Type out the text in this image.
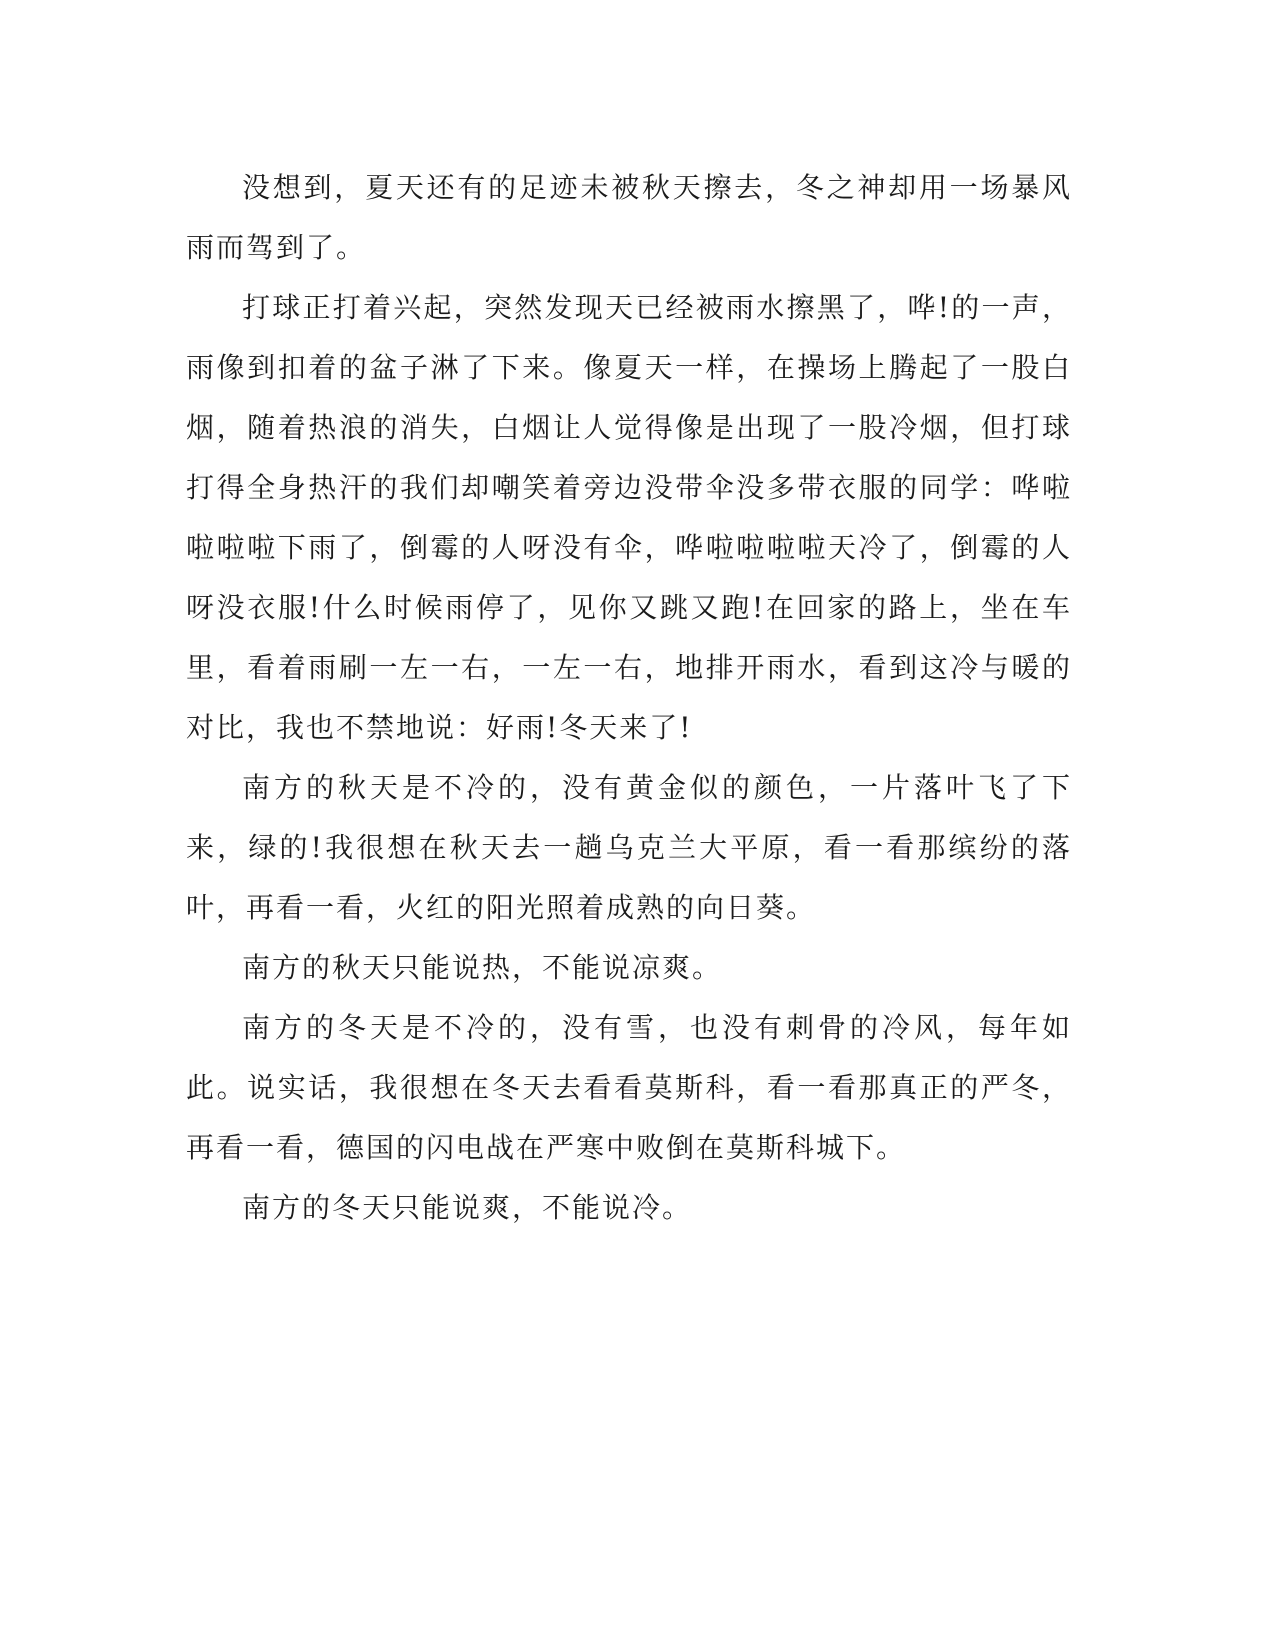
没想到，夏天还有的足迹未被秋天擦去，冬之神却用一场暴风雨而驾到了。

打球正打着兴起，突然发现天已经被雨水擦黑了，哗!的一声，雨像到扣着的盆子淋了下来。像夏天一样，在操场上腾起了一股白烟，随着热浪的消失，白烟让人觉得像是出现了一股冷烟，但打球打得全身热汗的我们却嘲笑着旁边没带伞没多带衣服的同学：哗啦啦啦啦下雨了，倒霉的人呀没有伞，哗啦啦啦啦天冷了，倒霉的人呀没衣服!什么时候雨停了，见你又跳又跑!在回家的路上，坐在车里，看着雨刷一左一右，一左一右，地排开雨水，看到这冷与暖的对比，我也不禁地说：好雨!冬天来了!

南方的秋天是不冷的，没有黄金似的颜色，一片落叶飞了下来，绿的!我很想在秋天去一趟乌克兰大平原，看一看那缤纷的落叶，再看一看，火红的阳光照着成熟的向日葵。

南方的秋天只能说热，不能说凉爽。

南方的冬天是不冷的，没有雪，也没有刺骨的冷风，每年如此。说实话，我很想在冬天去看看莫斯科，看一看那真正的严冬，再看一看，德国的闪电战在严寒中败倒在莫斯科城下。

南方的冬天只能说爽，不能说冷。
